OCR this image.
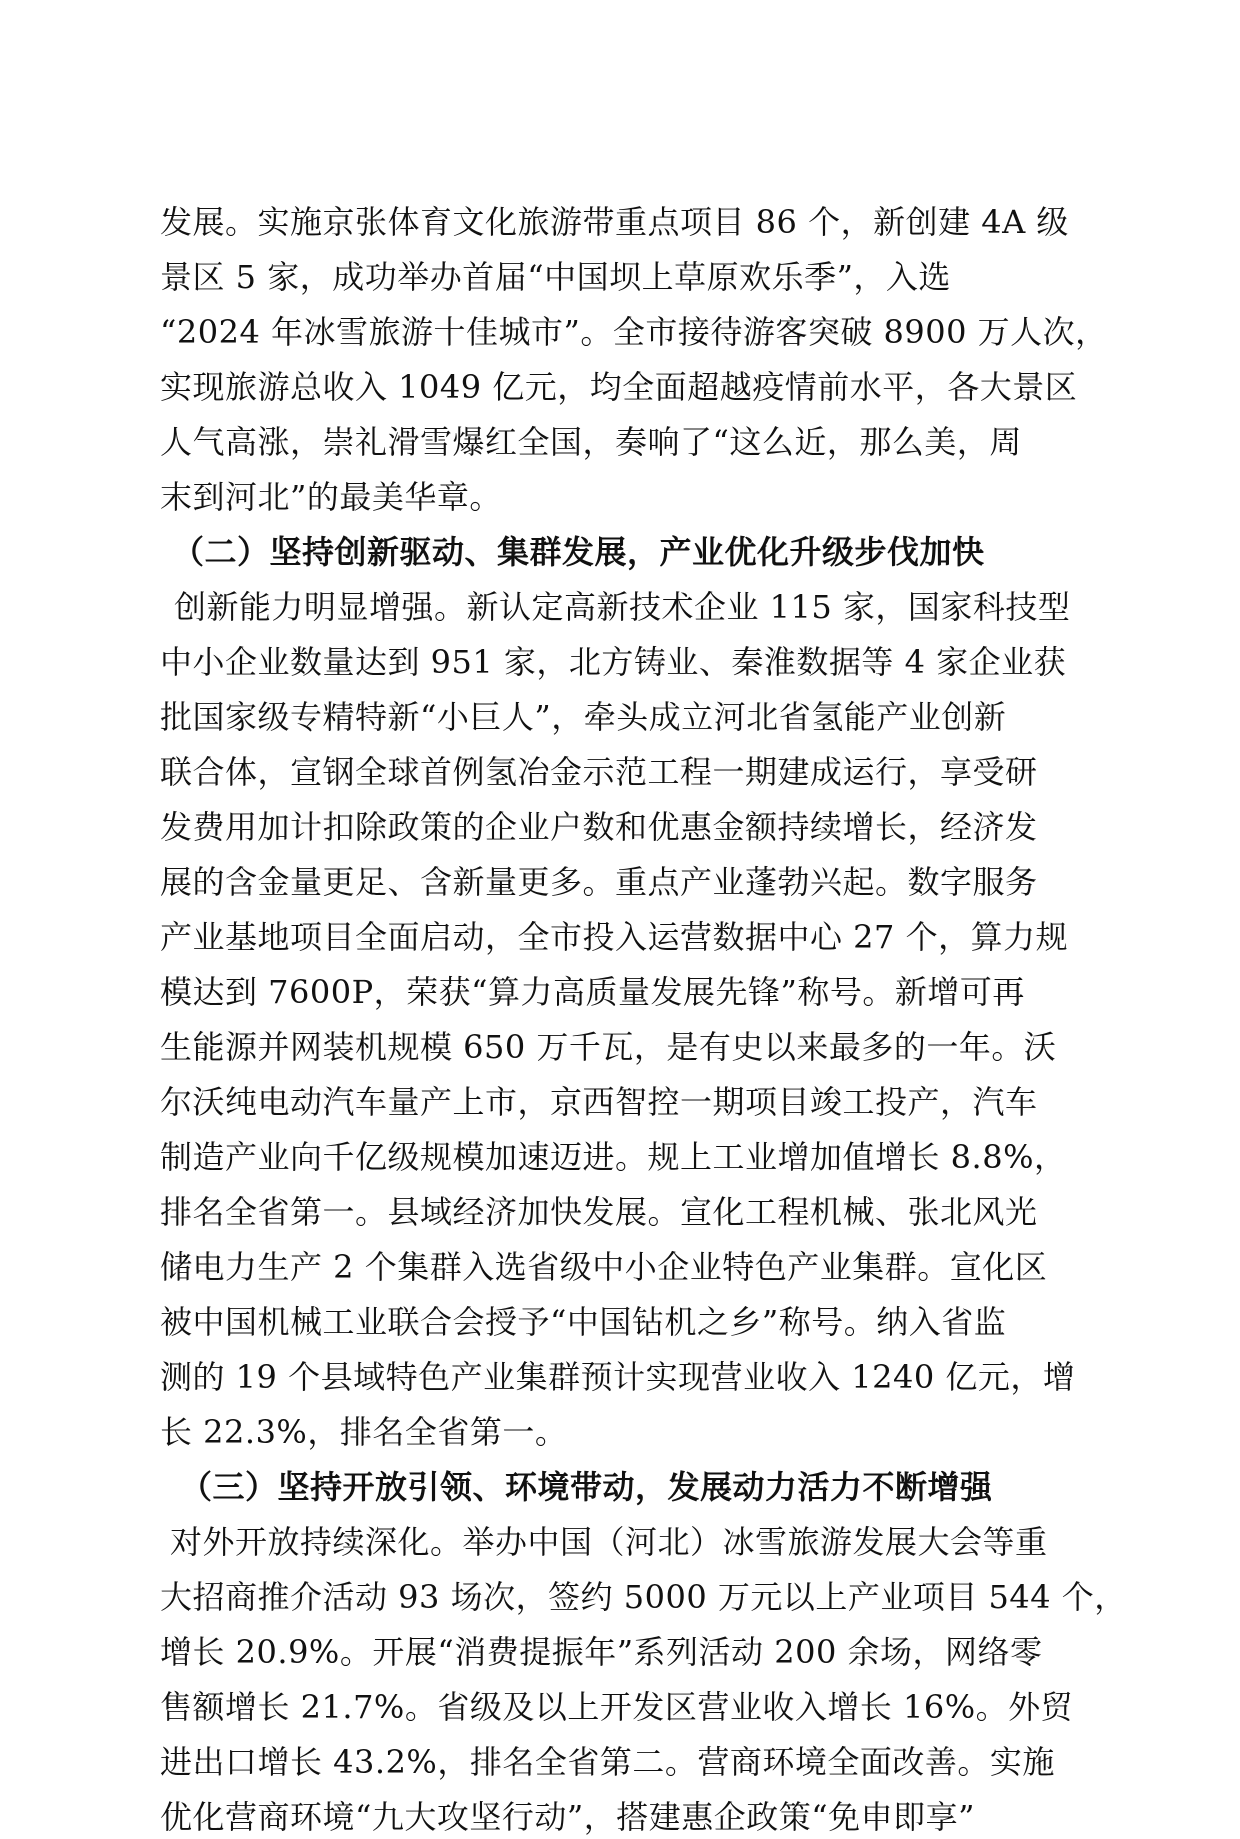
发展。实施京张体育文化旅游带重点项目 86 个，新创建 4A 级
景区 5 家，成功举办首届“中国坝上草原欢乐季”，入选
“2024 年冰雪旅游十佳城市”。全市接待游客突破 8900 万人次，
实现旅游总收入 1049 亿元，均全面超越疫情前水平，各大景区
人气高涨，崇礼滑雪爆红全国，奏响了“这么近，那么美，周
末到河北”的最美华章。
（二）坚持创新驱动、集群发展，产业优化升级步伐加快
创新能力明显增强。新认定高新技术企业 115 家，国家科技型
中小企业数量达到 951 家，北方铸业、秦淮数据等 4 家企业获
批国家级专精特新“小巨人”，牵头成立河北省氢能产业创新
联合体，宣钢全球首例氢冶金示范工程一期建成运行，享受研
发费用加计扣除政策的企业户数和优惠金额持续增长，经济发
展的含金量更足、含新量更多。重点产业蓬勃兴起。数字服务
产业基地项目全面启动，全市投入运营数据中心 27 个，算力规
模达到 7600P，荣获“算力高质量发展先锋”称号。新增可再
生能源并网装机规模 650 万千瓦，是有史以来最多的一年。沃
尔沃纯电动汽车量产上市，京西智控一期项目竣工投产，汽车
制造产业向千亿级规模加速迈进。规上工业增加值增长 8.8%，
排名全省第一。县域经济加快发展。宣化工程机械、张北风光
储电力生产 2 个集群入选省级中小企业特色产业集群。宣化区
被中国机械工业联合会授予“中国钻机之乡”称号。纳入省监
测的 19 个县域特色产业集群预计实现营业收入 1240 亿元，增
长 22.3%，排名全省第一。
（三）坚持开放引领、环境带动，发展动力活力不断增强
对外开放持续深化。举办中国（河北）冰雪旅游发展大会等重
大招商推介活动 93 场次，签约 5000 万元以上产业项目 544 个，
增长 20.9%。开展“消费提振年”系列活动 200 余场，网络零
售额增长 21.7%。省级及以上开发区营业收入增长 16%。外贸
进出口增长 43.2%，排名全省第二。营商环境全面改善。实施
优化营商环境“九大攻坚行动”，搭建惠企政策“免申即享”
